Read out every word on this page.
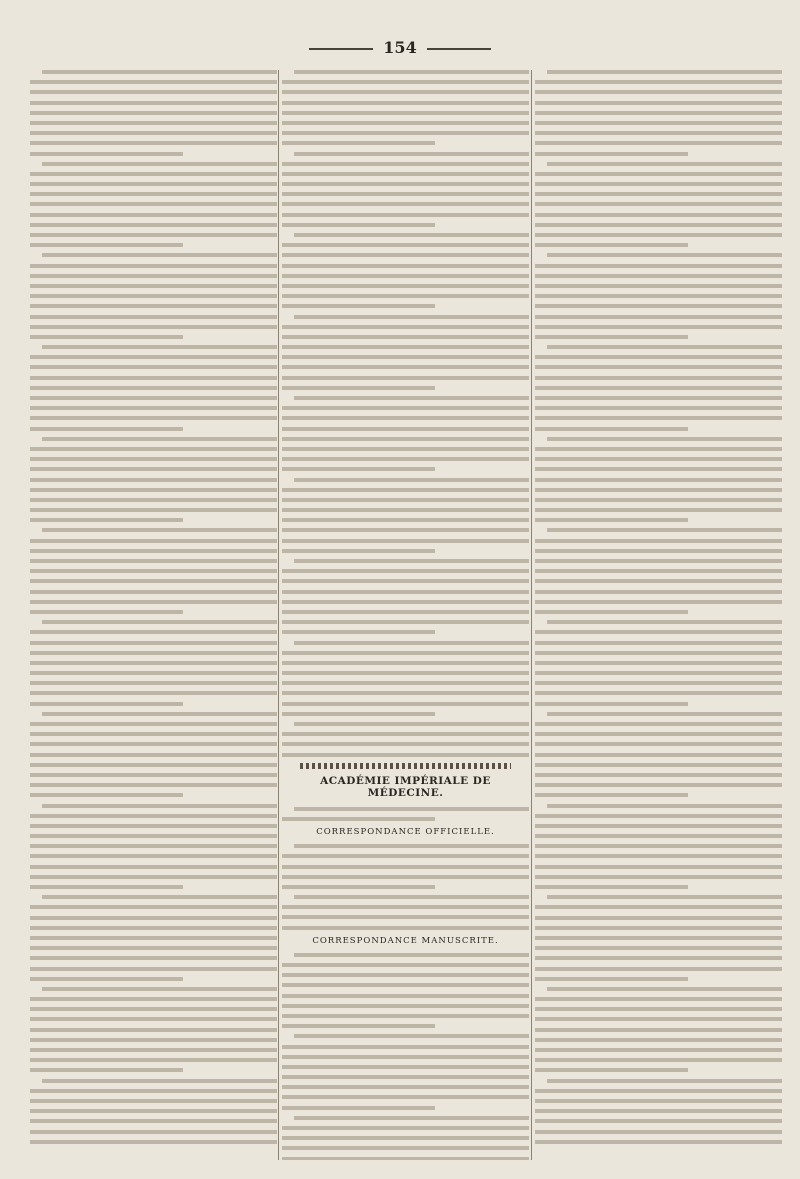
154
ACADÉMIE IMPÉRIALE DE MÉDECINE.
CORRESPONDANCE OFFICIELLE.
CORRESPONDANCE MANUSCRITE.
